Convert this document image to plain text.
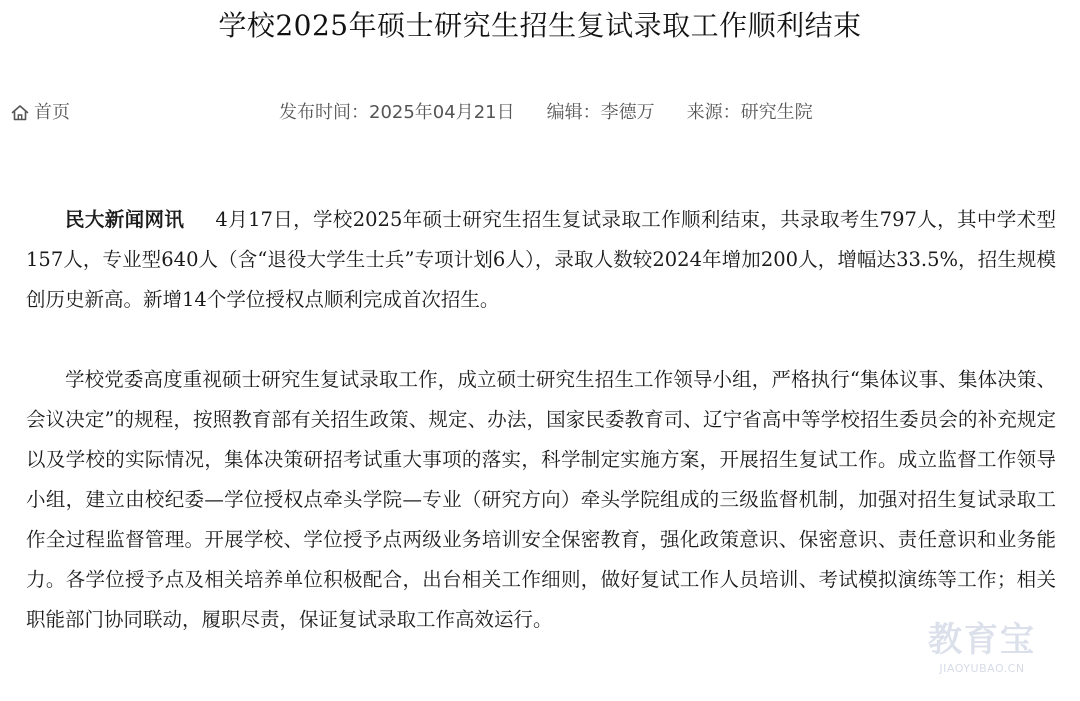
学校2025年硕士研究生招生复试录取工作顺利结束
首页	发布时间：2025年04月21日 编辑：李德万 来源：研究生院

民大新闻网讯 4月17日，学校2025年硕士研究生招生复试录取工作顺利结束，共录取考生797人，其中学术型157人，专业型640人（含“退役大学生士兵”专项计划6人），录取人数较2024年增加200人，增幅达33.5%，招生规模创历史新高。新增14个学位授权点顺利完成首次招生。

学校党委高度重视硕士研究生复试录取工作，成立硕士研究生招生工作领导小组，严格执行“集体议事、集体决策、会议决定”的规程，按照教育部有关招生政策、规定、办法，国家民委教育司、辽宁省高中等学校招生委员会的补充规定以及学校的实际情况，集体决策研招考试重大事项的落实，科学制定实施方案，开展招生复试工作。成立监督工作领导小组，建立由校纪委—学位授权点牵头学院—专业（研究方向）牵头学院组成的三级监督机制，加强对招生复试录取工作全过程监督管理。开展学校、学位授予点两级业务培训安全保密教育，强化政策意识、保密意识、责任意识和业务能力。各学位授予点及相关培养单位积极配合，出台相关工作细则，做好复试工作人员培训、考试模拟演练等工作；相关职能部门协同联动，履职尽责，保证复试录取工作高效运行。

教育宝
JIAOYUBAO.CN
